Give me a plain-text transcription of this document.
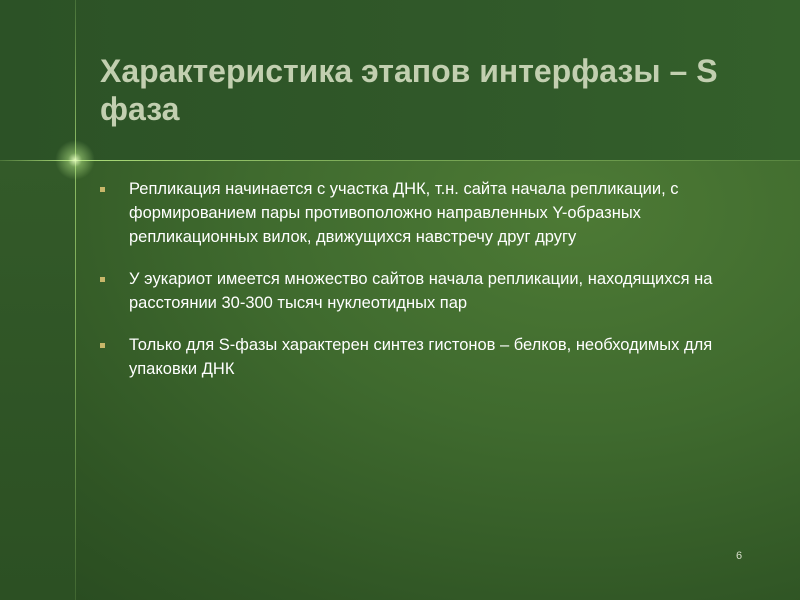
Характеристика этапов интерфазы – S фаза
Репликация начинается с участка ДНК, т.н. сайта начала репликации, с формированием пары противоположно направленных Y-образных репликационных вилок, движущихся навстречу друг другу
У эукариот имеется множество сайтов начала репликации, находящихся на расстоянии 30-300 тысяч нуклеотидных пар
Только для S-фазы характерен синтез гистонов – белков, необходимых для упаковки ДНК
6
